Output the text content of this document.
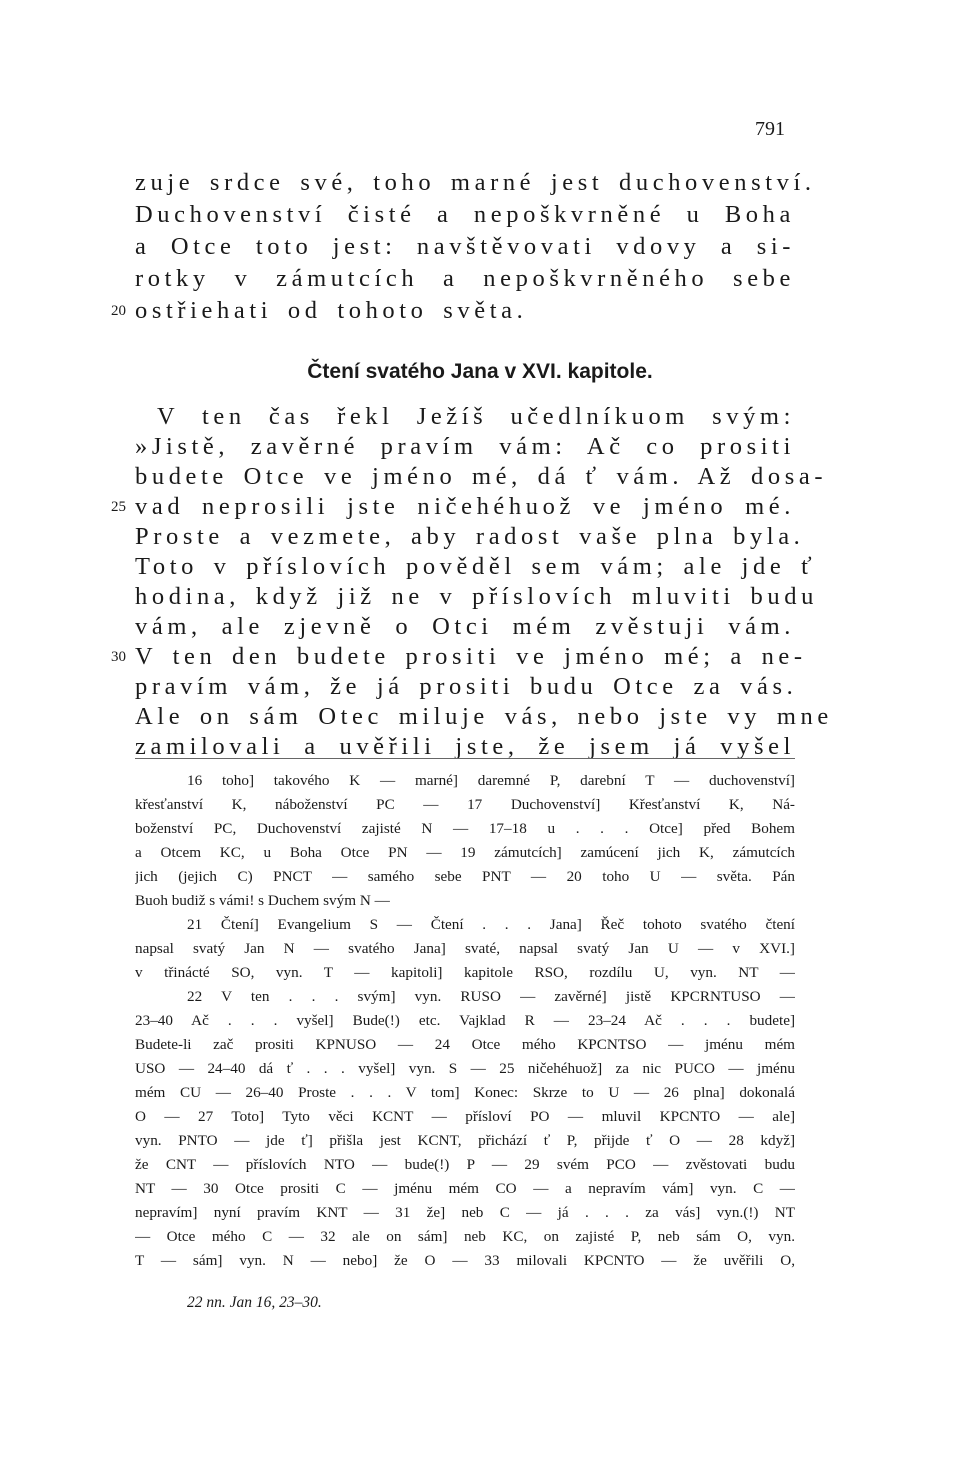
791
zuje srdce své, toho marné jest duchovenství.
Duchovenství čisté a nepoškvrněné u Boha
a Otce toto jest: navštěvovati vdovy a si-
rotky v zámutcích a nepoškvrněného sebe
20 ostřiehati od tohoto světa.
Čtení svatého Jana v XVI. kapitole.
V ten čas řekl Ježíš učedlníkuom svým:
»Jistě, zavěrné pravím vám: Ač co prositi
budete Otce ve jméno mé, dá ť vám. Až dosa-
25 vad neprosili jste ničehéhuož ve jméno mé.
Proste a vezmete, aby radost vaše plna byla.
Toto v příslovích pověděl sem vám; ale jde ť
hodina, když již ne v příslovích mluviti budu
vám, ale zjevně o Otci mém zvěstuji vám.
30 V ten den budete prositi ve jméno mé; a ne-
pravím vám, že já prositi budu Otce za vás.
Ale on sám Otec miluje vás, nebo jste vy mne
zamilovali a uvěřili jste, že jsem já vyšel
16 toho] takového K — marné] daremné P, darební T — duchovenství]
křesťanství K, náboženství PC — 17 Duchovenství] Křesťanství K, Ná-
boženství PC, Duchovenství zajisté N — 17–18 u . . . Otce] před Bohem
a Otcem KC, u Boha Otce PN — 19 zámutcích] zamúcení jich K, zámutcích
jich (jejich C) PNCT — samého sebe PNT — 20 toho U — světa. Pán
Buoh budiž s vámi! s Duchem svým N —
21 Čtení] Evangelium S — Čtení . . . Jana] Řeč tohoto svatého čtení
napsal svatý Jan N — svatého Jana] svaté, napsal svatý Jan U — v XVI.]
v třinácté SO, vyn. T — kapitoli] kapitole RSO, rozdílu U, vyn. NT —
22 V ten . . . svým] vyn. RUSO — zavěrné] jistě KPCRNTUSO —
23–40 Ač . . . vyšel] Bude(!) etc. Vajklad R — 23–24 Ač . . . budete]
Budete-li zač prositi KPNUSO — 24 Otce mého KPCNTSO — jménu mém
USO — 24–40 dá ť . . . vyšel] vyn. S — 25 ničehéhuož] za nic PUCO — jménu
mém CU — 26–40 Proste . . . V tom] Konec: Skrze to U — 26 plna] dokonalá
O — 27 Toto] Tyto věci KCNT — přísloví PO — mluvil KPCNTO — ale]
vyn. PNTO — jde ť] přišla jest KCNT, přichází ť P, přijde ť O — 28 když]
že CNT — příslovích NTO — bude(!) P — 29 svém PCO — zvěstovati budu
NT — 30 Otce prositi C — jménu mém CO — a nepravím vám] vyn. C —
nepravím] nyní pravím KNT — 31 že] neb C — já . . . za vás] vyn.(!) NT
— Otce mého C — 32 ale on sám] neb KC, on zajisté P, neb sám O, vyn.
T — sám] vyn. N — nebo] že O — 33 milovali KPCNTO — že uvěřili O,
22 nn. Jan 16, 23–30.
